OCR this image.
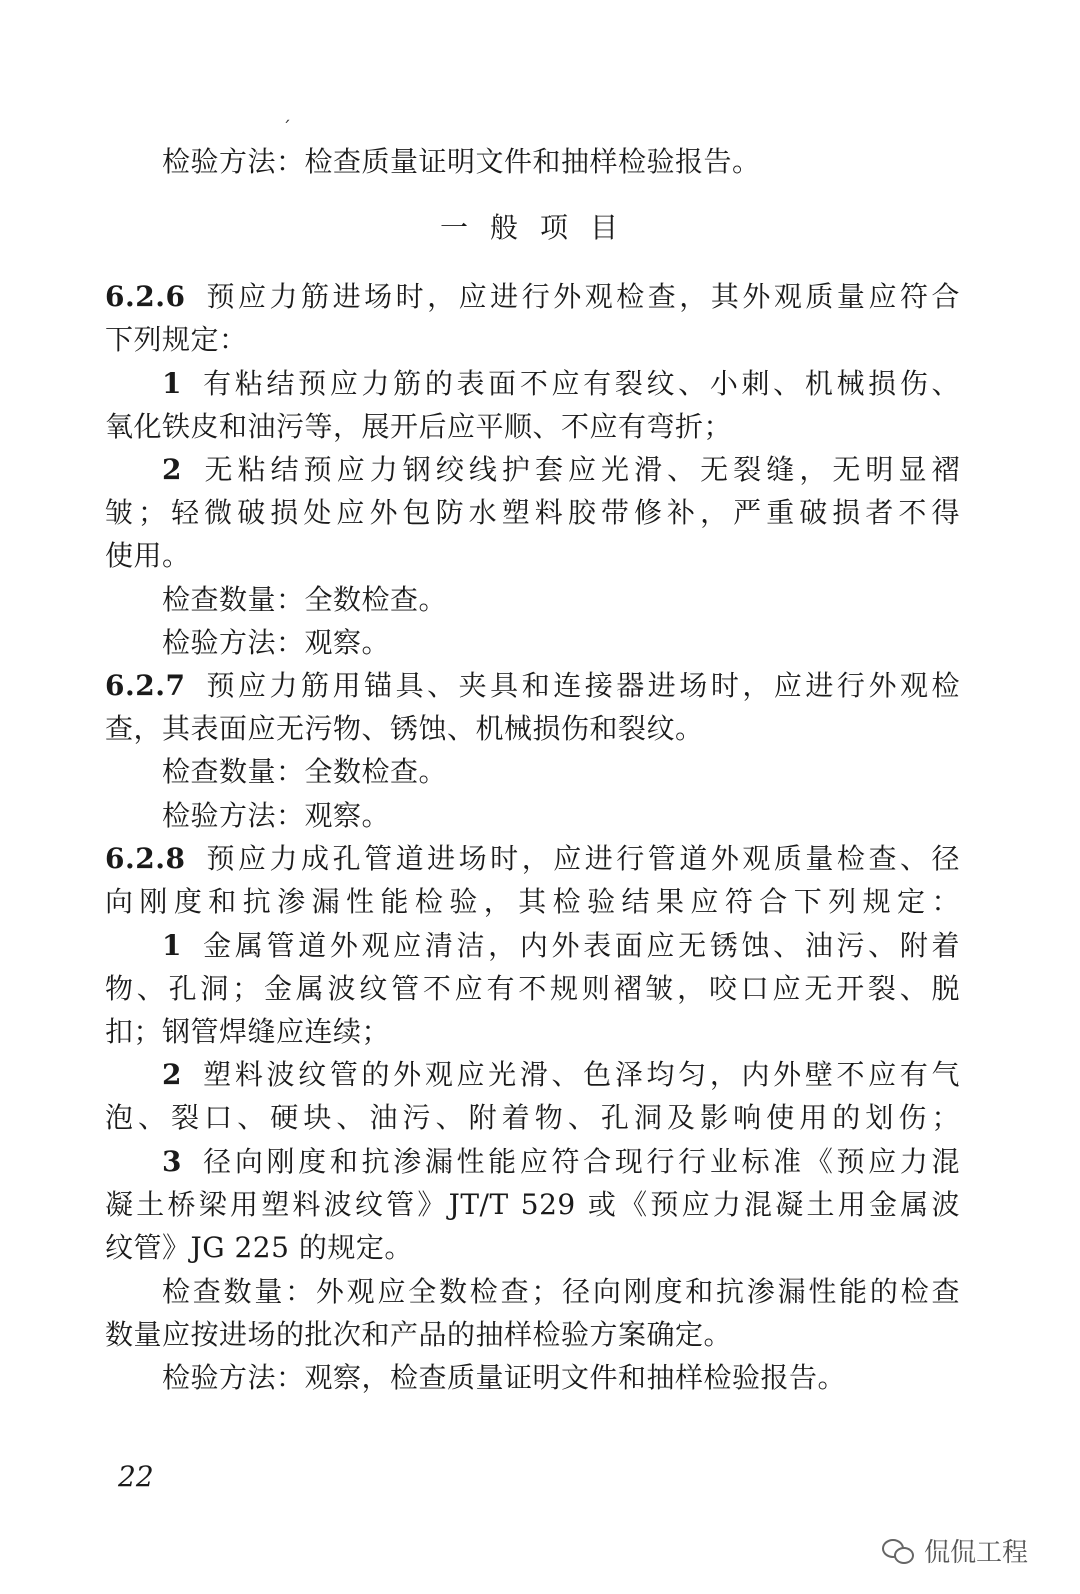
ˊ
检验方法：检查质量证明文件和抽样检验报告。
一般项目
6.2.6 预应力筋进场时，应进行外观检查，其外观质量应符合
下列规定：
1 有粘结预应力筋的表面不应有裂纹、小刺、机械损伤、
氧化铁皮和油污等，展开后应平顺、不应有弯折；
2 无粘结预应力钢绞线护套应光滑、无裂缝，无明显褶
皱；轻微破损处应外包防水塑料胶带修补，严重破损者不得
使用。
检查数量：全数检查。
检验方法：观察。
6.2.7 预应力筋用锚具、夹具和连接器进场时，应进行外观检
查，其表面应无污物、锈蚀、机械损伤和裂纹。
检查数量：全数检查。
检验方法：观察。
6.2.8 预应力成孔管道进场时，应进行管道外观质量检查、径
向刚度和抗渗漏性能检验，其检验结果应符合下列规定：
1 金属管道外观应清洁，内外表面应无锈蚀、油污、附着
物、孔洞；金属波纹管不应有不规则褶皱，咬口应无开裂、脱
扣；钢管焊缝应连续；
2 塑料波纹管的外观应光滑、色泽均匀，内外壁不应有气
泡、裂口、硬块、油污、附着物、孔洞及影响使用的划伤；
3 径向刚度和抗渗漏性能应符合现行行业标准《预应力混
凝土桥梁用塑料波纹管》JT/T 529 或《预应力混凝土用金属波
纹管》JG 225 的规定。
检查数量：外观应全数检查；径向刚度和抗渗漏性能的检查
数量应按进场的批次和产品的抽样检验方案确定。
检验方法：观察，检查质量证明文件和抽样检验报告。
22
侃侃工程
